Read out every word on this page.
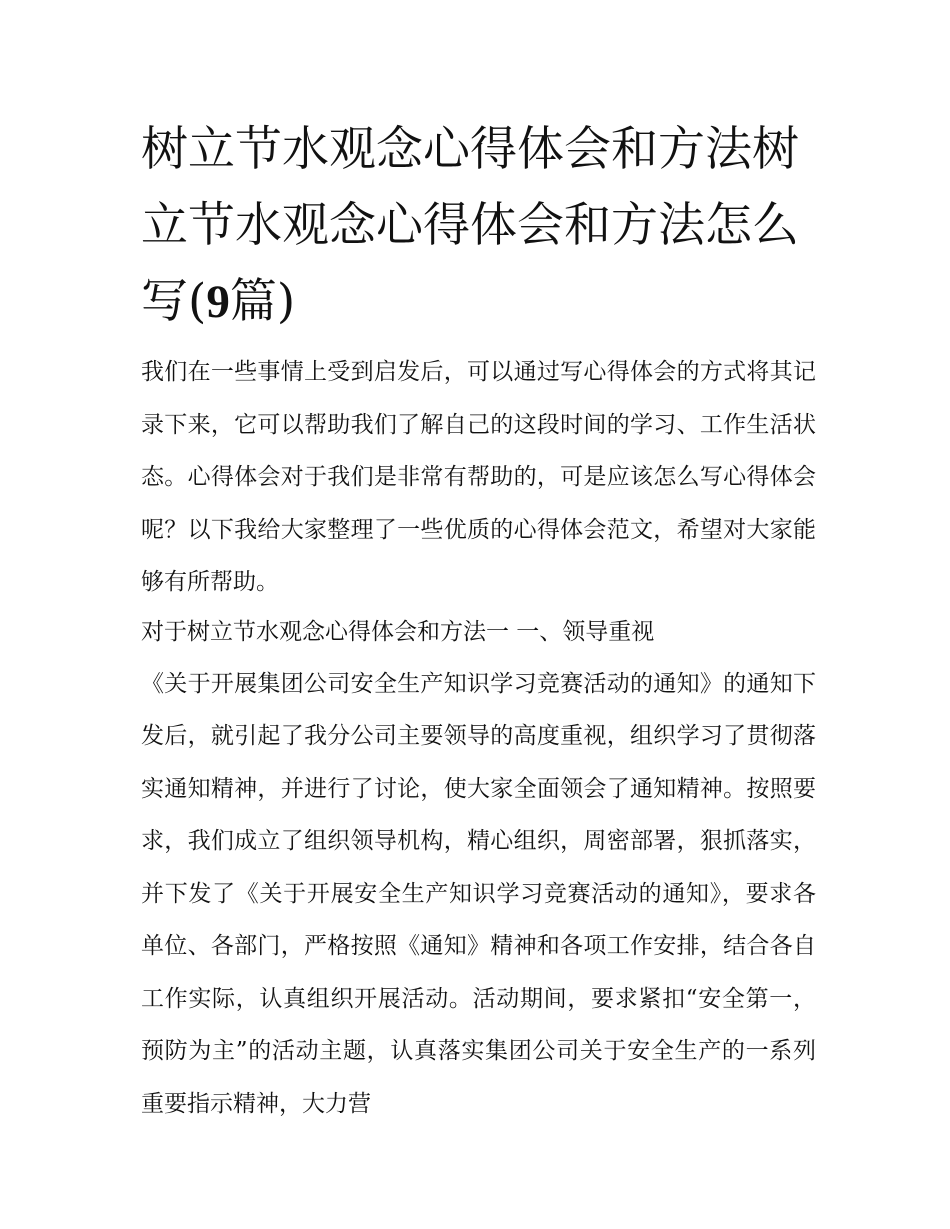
树立节水观念心得体会和方法树立节水观念心得体会和方法怎么写(9篇)

我们在一些事情上受到启发后，可以通过写心得体会的方式将其记录下来，它可以帮助我们了解自己的这段时间的学习、工作生活状态。心得体会对于我们是非常有帮助的，可是应该怎么写心得体会呢？以下我给大家整理了一些优质的心得体会范文，希望对大家能够有所帮助。

对于树立节水观念心得体会和方法一 一、领导重视

《关于开展集团公司安全生产知识学习竞赛活动的通知》的通知下发后，就引起了我分公司主要领导的高度重视，组织学习了贯彻落实通知精神，并进行了讨论，使大家全面领会了通知精神。按照要求，我们成立了组织领导机构，精心组织，周密部署，狠抓落实，并下发了《关于开展安全生产知识学习竞赛活动的通知》，要求各单位、各部门，严格按照《通知》精神和各项工作安排，结合各自工作实际，认真组织开展活动。活动期间，要求紧扣“安全第一，预防为主”的活动主题，认真落实集团公司关于安全生产的一系列重要指示精神，大力营
